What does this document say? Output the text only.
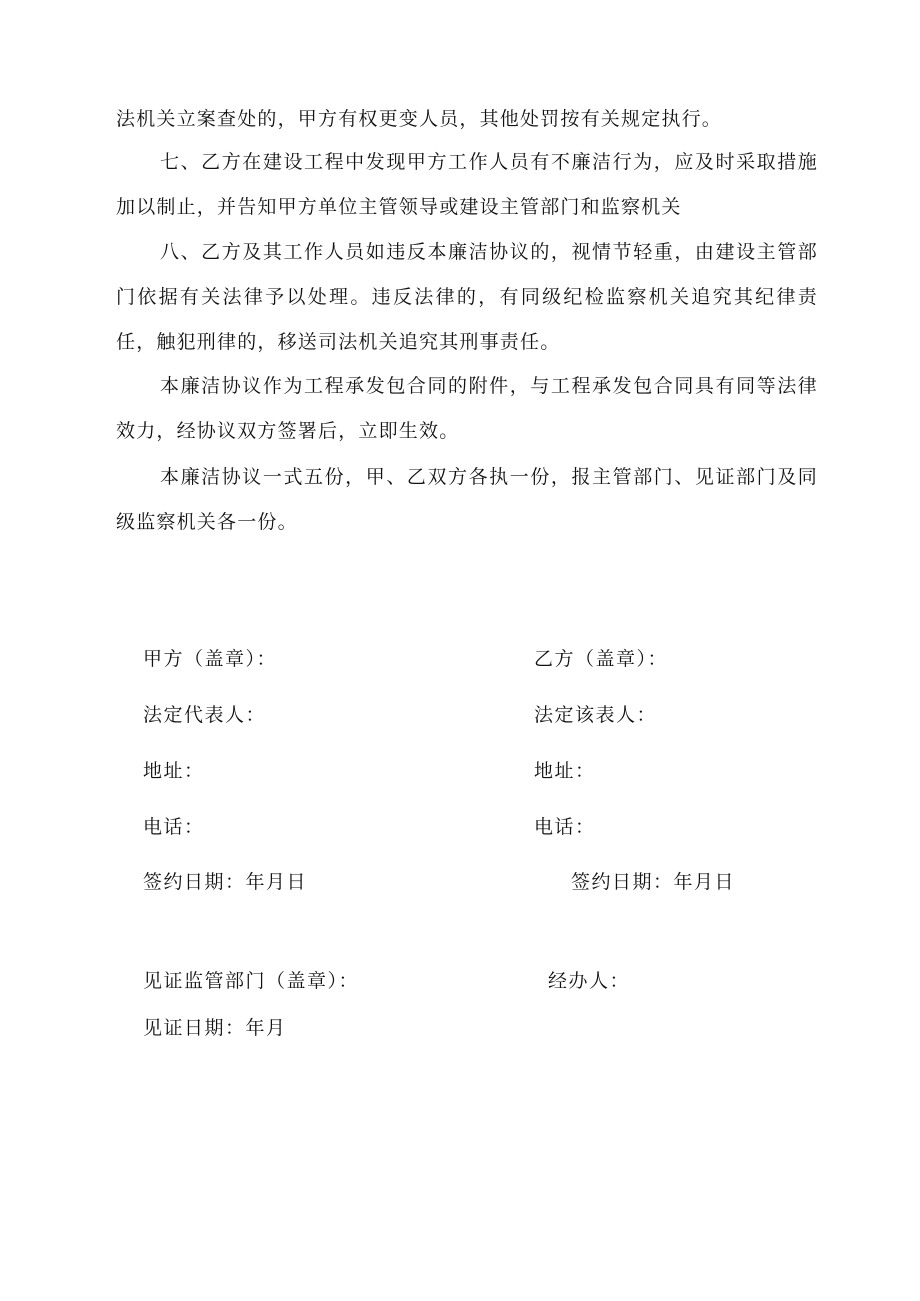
法机关立案查处的，甲方有权更变人员，其他处罚按有关规定执行。

七、乙方在建设工程中发现甲方工作人员有不廉洁行为，应及时采取措施加以制止，并告知甲方单位主管领导或建设主管部门和监察机关

八、乙方及其工作人员如违反本廉洁协议的，视情节轻重，由建设主管部门依据有关法律予以处理。违反法律的，有同级纪检监察机关追究其纪律责任，触犯刑律的，移送司法机关追究其刑事责任。

本廉洁协议作为工程承发包合同的附件，与工程承发包合同具有同等法律效力，经协议双方签署后，立即生效。

本廉洁协议一式五份，甲、乙双方各执一份，报主管部门、见证部门及同级监察机关各一份。

甲方（盖章）：

法定代表人：

地址：

电话：

签约日期：年月日

乙方（盖章）：

法定该表人：

地址：

电话：

签约日期：年月日

见证监管部门（盖章）：	经办人：

见证日期：年月
